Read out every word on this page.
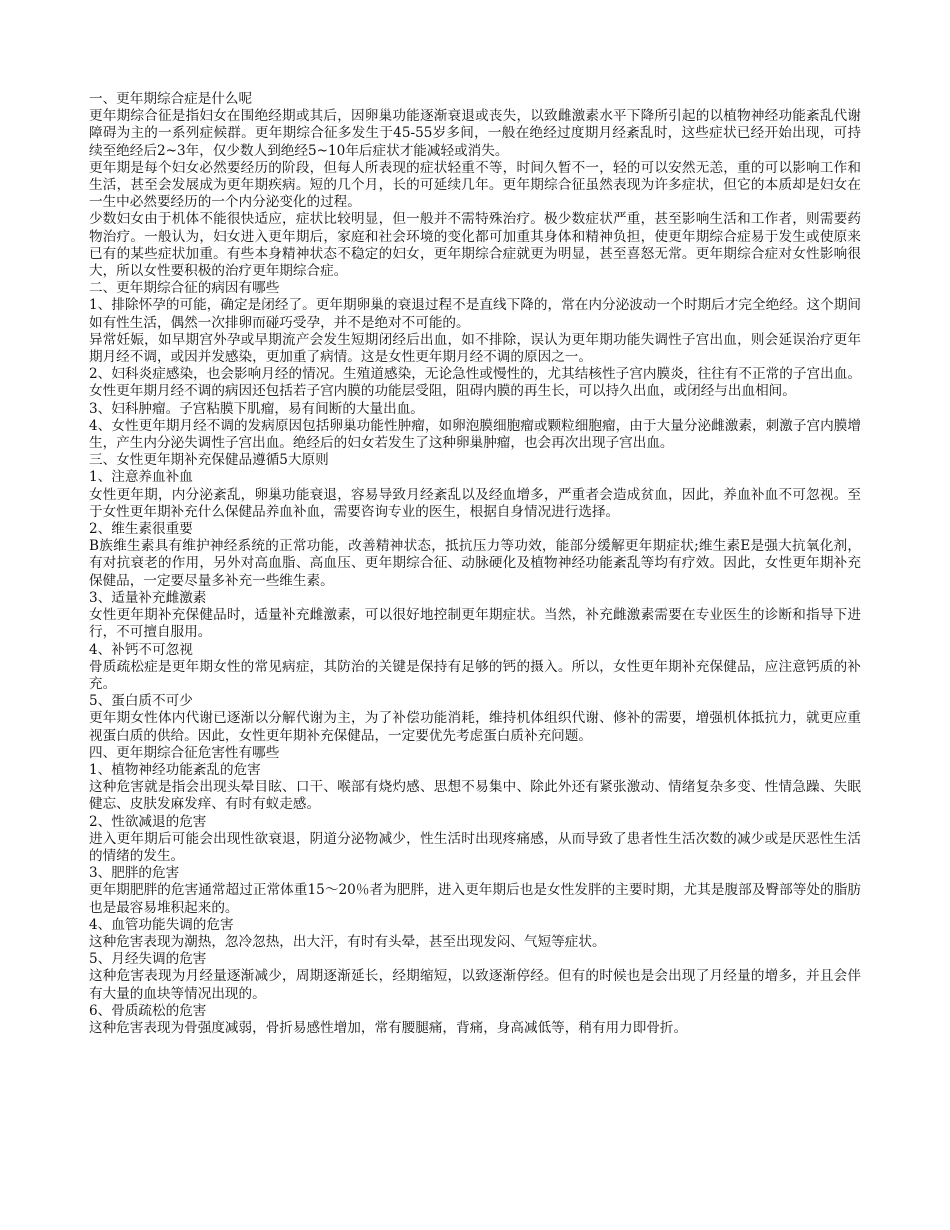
一、更年期综合症是什么呢

更年期综合征是指妇女在围绝经期或其后，因卵巢功能逐渐衰退或丧失，以致雌激素水平下降所引起的以植物神经功能紊乱代谢障碍为主的一系列症候群。更年期综合征多发生于45-55岁多间，一般在绝经过度期月经紊乱时，这些症状已经开始出现，可持续至绝经后2~3年，仅少数人到绝经5~10年后症状才能减轻或消失。

更年期是每个妇女必然要经历的阶段，但每人所表现的症状轻重不等，时间久暂不一，轻的可以安然无恙，重的可以影响工作和生活，甚至会发展成为更年期疾病。短的几个月，长的可延续几年。更年期综合征虽然表现为许多症状，但它的本质却是妇女在一生中必然要经历的一个内分泌变化的过程。

少数妇女由于机体不能很快适应，症状比较明显，但一般并不需特殊治疗。极少数症状严重，甚至影响生活和工作者，则需要药物治疗。一般认为，妇女进入更年期后，家庭和社会环境的变化都可加重其身体和精神负担，使更年期综合症易于发生或使原来已有的某些症状加重。有些本身精神状态不稳定的妇女，更年期综合症就更为明显，甚至喜怒无常。更年期综合症对女性影响很大，所以女性要积极的治疗更年期综合症。

二、更年期综合征的病因有哪些

1、排除怀孕的可能，确定是闭经了。更年期卵巢的衰退过程不是直线下降的，常在内分泌波动一个时期后才完全绝经。这个期间如有性生活，偶然一次排卵而碰巧受孕，并不是绝对不可能的。

异常妊娠，如早期宫外孕或早期流产会发生短期闭经后出血，如不排除，误认为更年期功能失调性子宫出血，则会延误治疗更年期月经不调，或因并发感染，更加重了病情。这是女性更年期月经不调的原因之一。

2、妇科炎症感染，也会影响月经的情况。生殖道感染，无论急性或慢性的，尤其结核性子宫内膜炎，往往有不正常的子宫出血。女性更年期月经不调的病因还包括若子宫内膜的功能层受阻，阻碍内膜的再生长，可以持久出血，或闭经与出血相间。

3、妇科肿瘤。子宫粘膜下肌瘤，易有间断的大量出血。

4、女性更年期月经不调的发病原因包括卵巢功能性肿瘤，如卵泡膜细胞瘤或颗粒细胞瘤，由于大量分泌雌激素，刺激子宫内膜增生，产生内分泌失调性子宫出血。绝经后的妇女若发生了这种卵巢肿瘤，也会再次出现子宫出血。

三、女性更年期补充保健品遵循5大原则

1、注意养血补血

女性更年期，内分泌紊乱，卵巢功能衰退，容易导致月经紊乱以及经血增多，严重者会造成贫血，因此，养血补血不可忽视。至于女性更年期补充什么保健品养血补血，需要咨询专业的医生，根据自身情况进行选择。

2、维生素很重要

B族维生素具有维护神经系统的正常功能，改善精神状态，抵抗压力等功效，能部分缓解更年期症状;维生素E是强大抗氧化剂，有对抗衰老的作用，另外对高血脂、高血压、更年期综合征、动脉硬化及植物神经功能紊乱等均有疗效。因此，女性更年期补充保健品，一定要尽量多补充一些维生素。

3、适量补充雌激素

女性更年期补充保健品时，适量补充雌激素，可以很好地控制更年期症状。当然，补充雌激素需要在专业医生的诊断和指导下进行，不可擅自服用。

4、补钙不可忽视

骨质疏松症是更年期女性的常见病症，其防治的关键是保持有足够的钙的摄入。所以，女性更年期补充保健品，应注意钙质的补充。

5、蛋白质不可少

更年期女性体内代谢已逐渐以分解代谢为主，为了补偿功能消耗，维持机体组织代谢、修补的需要，增强机体抵抗力，就更应重视蛋白质的供给。因此，女性更年期补充保健品，一定要优先考虑蛋白质补充问题。

四、更年期综合征危害性有哪些

1、植物神经功能紊乱的危害

这种危害就是指会出现头晕目眩、口干、喉部有烧灼感、思想不易集中、除此外还有紧张激动、情绪复杂多变、性情急躁、失眠健忘、皮肤发麻发痒、有时有蚁走感。

2、性欲减退的危害

进入更年期后可能会出现性欲衰退，阴道分泌物减少，性生活时出现疼痛感，从而导致了患者性生活次数的减少或是厌恶性生活的情绪的发生。

3、肥胖的危害

更年期肥胖的危害通常超过正常体重15～20％者为肥胖，进入更年期后也是女性发胖的主要时期，尤其是腹部及臀部等处的脂肪也是最容易堆积起来的。

4、血管功能失调的危害

这种危害表现为潮热，忽冷忽热，出大汗，有时有头晕，甚至出现发闷、气短等症状。

5、月经失调的危害

这种危害表现为月经量逐渐减少，周期逐渐延长，经期缩短，以致逐渐停经。但有的时候也是会出现了月经量的增多，并且会伴有大量的血块等情况出现的。

6、骨质疏松的危害

这种危害表现为骨强度减弱，骨折易感性增加，常有腰腿痛，背痛，身高减低等，稍有用力即骨折。
